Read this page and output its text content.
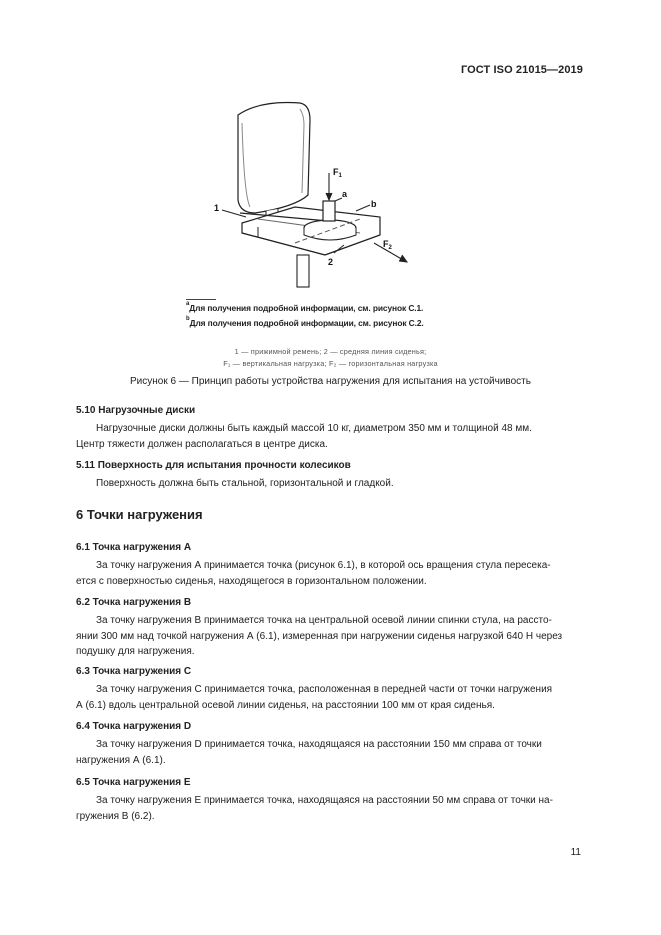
ГОСТ ISO 21015—2019
1
2
a
b
$F_1$
$F_2$
$^a$Для получения подробной информации, см. рисунок С.1.
$^b$Для получения подробной информации, см. рисунок С.2.
1 — прижимной ремень; 2 — средняя линия сиденья;
F₁ — вертикальная нагрузка; F₂ — горизонтальная нагрузка
Рисунок 6 — Принцип работы устройства нагружения для испытания на устойчивость
5.10 Нагрузочные диски
Нагрузочные диски должны быть каждый массой 10 кг, диаметром 350 мм и толщиной 48 мм.
Центр тяжести должен располагаться в центре диска.
5.11 Поверхность для испытания прочности колесиков
Поверхность должна быть стальной, горизонтальной и гладкой.
6 Точки нагружения
6.1 Точка нагружения А
За точку нагружения А принимается точка (рисунок 6.1), в которой ось вращения стула пересека-
ется с поверхностью сиденья, находящегося в горизонтальном положении.
6.2 Точка нагружения В
За точку нагружения В принимается точка на центральной осевой линии спинки стула, на рассто-
янии 300 мм над точкой нагружения А (6.1), измеренная при нагружении сиденья нагрузкой 640 Н через
подушку для нагружения.
6.3 Точка нагружения С
За точку нагружения С принимается точка, расположенная в передней части от точки нагружения
А (6.1) вдоль центральной осевой линии сиденья, на расстоянии 100 мм от края сиденья.
6.4 Точка нагружения D
За точку нагружения D принимается точка, находящаяся на расстоянии 150 мм справа от точки
нагружения А (6.1).
6.5 Точка нагружения Е
За точку нагружения Е принимается точка, находящаяся на расстоянии 50 мм справа от точки на-
гружения В (6.2).
11
